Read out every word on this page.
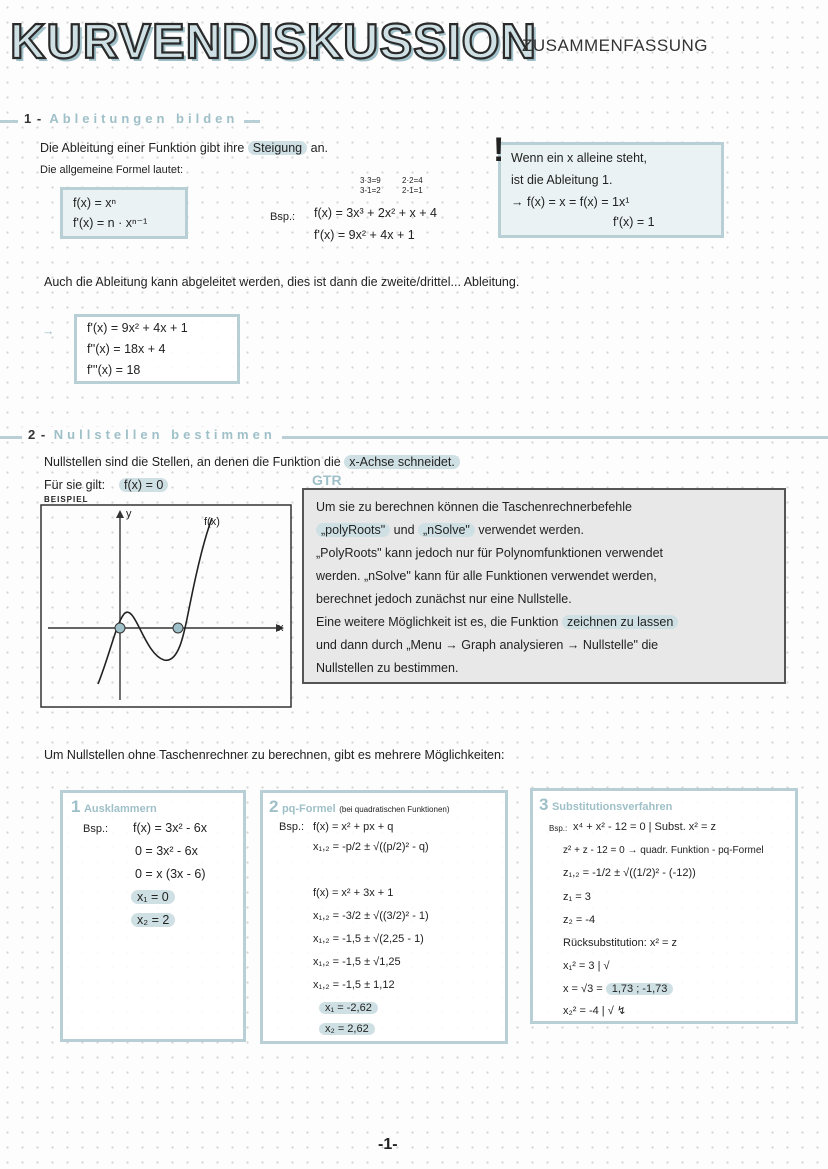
KURVENDISKUSSION
ZUSAMMENFASSUNG
1 - Ableitungen bilden
Die Ableitung einer Funktion gibt ihre Steigung an.
Die allgemeine Formel lautet:
f(x) = xⁿ
f'(x) = n · xⁿ⁻¹
3·3=9
3-1=2
2·2=4
2-1=1
Bsp.: f(x) = 3x³ + 2x² + x + 4
f'(x) = 9x² + 4x + 1
! Wenn ein x alleine steht,
ist die Ableitung 1.
→ f(x) = x = f(x) = 1x¹
f'(x) = 1
Auch die Ableitung kann abgeleitet werden, dies ist dann die zweite/drittel... Ableitung.
→	f'(x) = 9x² + 4x + 1
f''(x) = 18x + 4
f'''(x) = 18
2 - Nullstellen bestimmen
Nullstellen sind die Stellen, an denen die Funktion die x-Achse schneidet.
Für sie gilt: f(x) = 0
BEISPIEL
y
x
f(x)
GTR
Um sie zu berechnen können die Taschenrechnerbefehle
„polyRoots" und „nSolve" verwendet werden.
„PolyRoots" kann jedoch nur für Polynomfunktionen verwendet
werden. „nSolve" kann für alle Funktionen verwendet werden,
berechnet jedoch zunächst nur eine Nullstelle.
Eine weitere Möglichkeit ist es, die Funktion zeichnen zu lassen
und dann durch „Menu → Graph analysieren → Nullstelle" die
Nullstellen zu bestimmen.
Um Nullstellen ohne Taschenrechner zu berechnen, gibt es mehrere Möglichkeiten:
1 Ausklammern
Bsp.: f(x) = 3x² - 6x
0 = 3x² - 6x
0 = x (3x - 6)
x₁ = 0
x₂ = 2
2 pq-Formel (bei quadratischen Funktionen)
Bsp.: f(x) = x² + px + q
x₁,₂ = -p/2 ± √((p/2)² - q)
f(x) = x² + 3x + 1
x₁,₂ = -3/2 ± √((3/2)² - 1)
x₁,₂ = -1,5 ± √(2,25 - 1)
x₁,₂ = -1,5 ± √1,25
x₁,₂ = -1,5 ± 1,12
x₁ = -2,62
x₂ = 2,62
3 Substitutionsverfahren
Bsp.: x⁴ + x² - 12 = 0 | Subst. x² = z
z² + z - 12 = 0 → quadr. Funktion - pq-Formel
z₁,₂ = -1/2 ± √((1/2)² - (-12))
z₁ = 3
z₂ = -4
Rücksubstitution: x² = z
x₁² = 3 | √
x = √3 = 1,73 ; -1,73
x₂² = -4 | √ ↯
-1-
